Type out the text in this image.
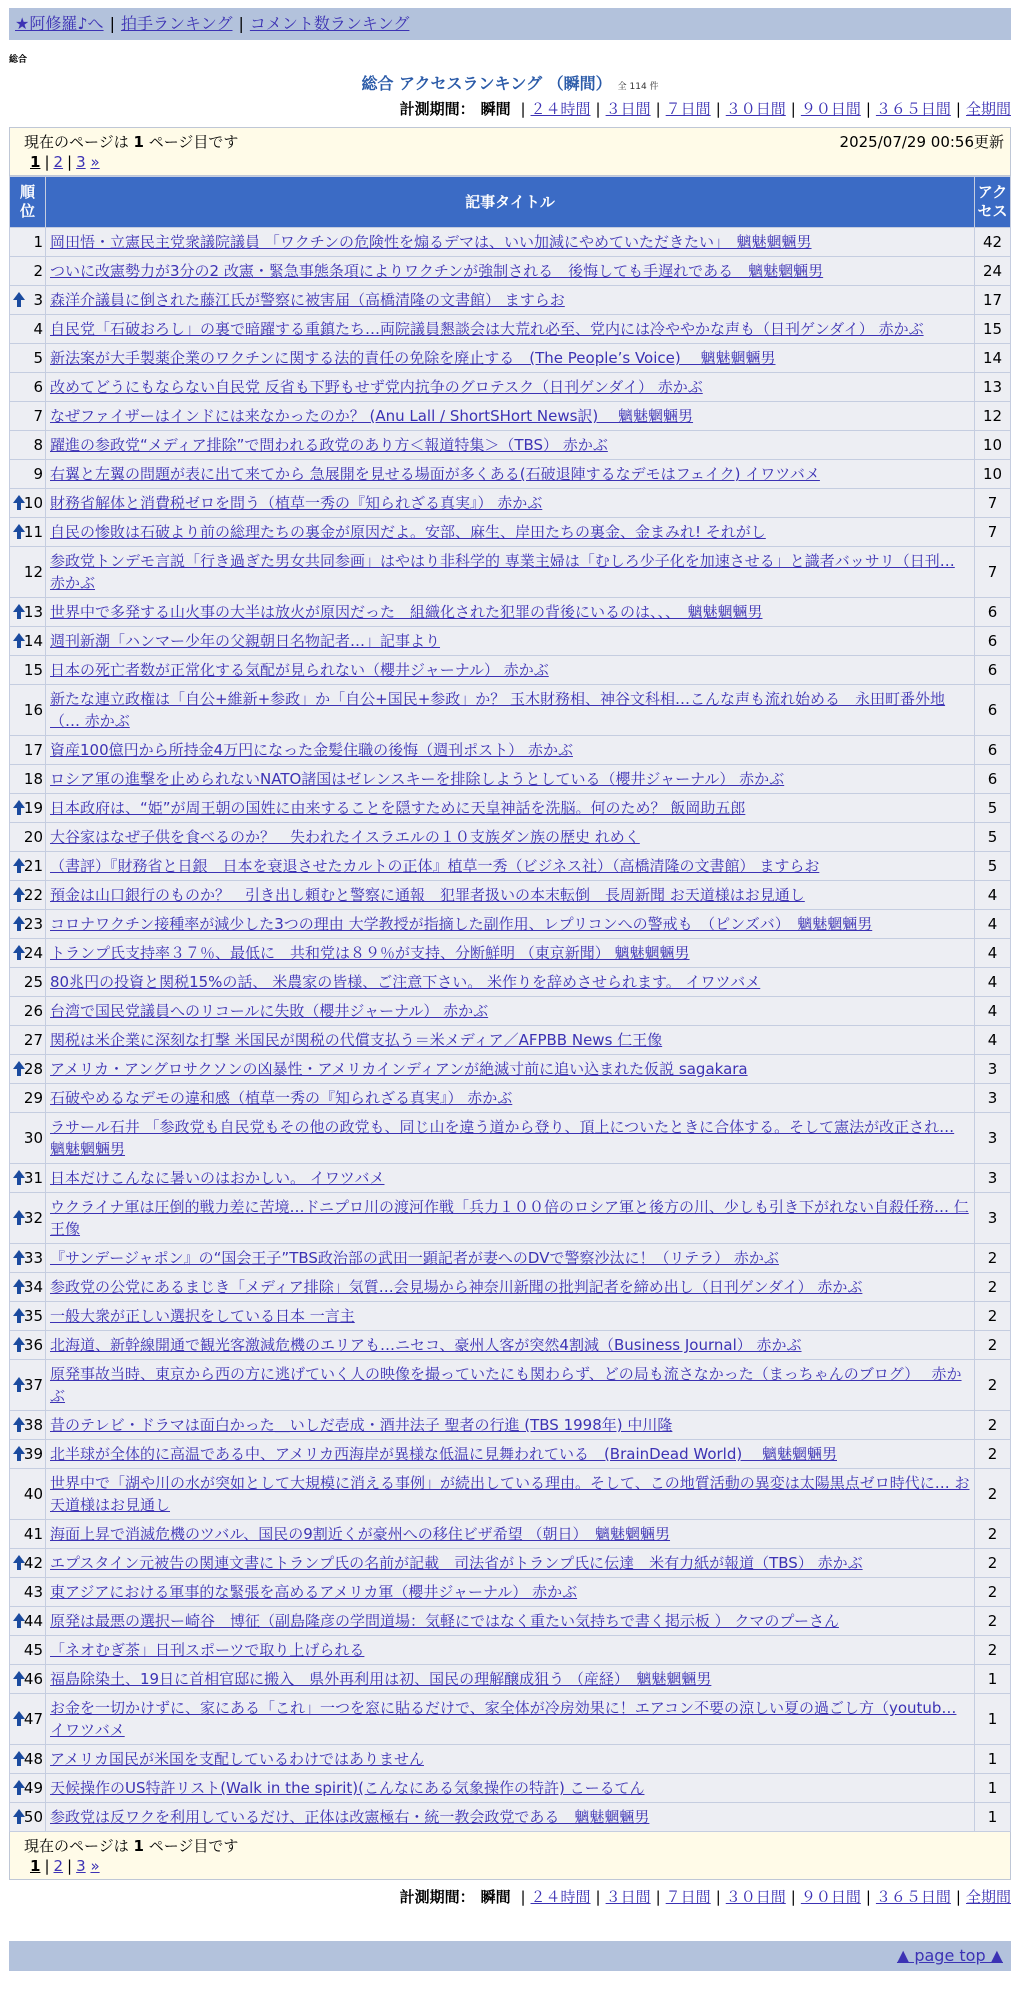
★阿修羅♪へ | 拍手ランキング | コメント数ランキング
総合
総合 アクセスランキング （瞬間） 全 114 件
計測期間： 瞬間 | ２４時間 | ３日間 | ７日間 | ３０日間 | ９０日間 | ３６５日間 | 全期間
現在のページは 1 ページ目です	2025/07/29 00:56更新
1 | 2 | 3 »
順位	記事タイトル	アクセス
1	岡田悟・立憲民主党衆議院議員 「ワクチンの危険性を煽るデマは、いい加減にやめていただきたい」　魑魅魍魎男	42
2	ついに改憲勢力が3分の2 改憲・緊急事態条項によりワクチンが強制される　後悔しても手遅れである　魑魅魍魎男	24

3	森洋介議員に倒された藤江氏が警察に被害届（高橋清隆の文書館） ますらお	17
4	自民党「石破おろし」の裏で暗躍する重鎮たち…両院議員懇談会は大荒れ必至、党内には冷ややかな声も（日刊ゲンダイ） 赤かぶ	15
5	新法案が大手製薬企業のワクチンに関する法的責任の免除を廃止する　(The People’s Voice)　 魑魅魍魎男	14
6	改めてどうにもならない自民党 反省も下野もせず党内抗争のグロテスク（日刊ゲンダイ） 赤かぶ	13
7	なぜファイザーはインドには来なかったのか？ (Anu Lall / ShortSHort News訳)　 魑魅魍魎男	12
8	躍進の参政党“メディア排除”で問われる政党のあり方＜報道特集＞（TBS） 赤かぶ	10
9	右翼と左翼の問題が表に出て来てから 急展開を見せる場面が多くある(石破退陣するなデモはフェイク) イワツバメ	10

10	財務省解体と消費税ゼロを問う（植草一秀の『知られざる真実』） 赤かぶ	7

11	自民の惨敗は石破より前の総理たちの裏金が原因だよ。安部、麻生、岸田たちの裏金、金まみれ! それがし	7
12	参政党トンデモ言説「行き過ぎた男女共同参画」はやはり非科学的 専業主婦は「むしろ少子化を加速させる」と識者バッサリ（日刊… 赤かぶ	7

13	世界中で多発する山火事の大半は放火が原因だった　組織化された犯罪の背後にいるのは、、、　魑魅魍魎男	6

14	週刊新潮「ハンマー少年の父親朝日名物記者…」記事より	6
15	日本の死亡者数が正常化する気配が見られない（櫻井ジャーナル） 赤かぶ	6
16	新たな連立政権は「自公+維新+参政」か「自公+国民+参政」か？ 玉木財務相、神谷文科相…こんな声も流れ始める　永田町番外地（… 赤かぶ	6
17	資産100億円から所持金4万円になった金髪住職の後悔（週刊ポスト） 赤かぶ	6
18	ロシア軍の進撃を止められないNATO諸国はゼレンスキーを排除しようとしている（櫻井ジャーナル） 赤かぶ	6

19	日本政府は、“姫”が周王朝の国姓に由来することを隠すために天皇神話を洗脳。何のため？ 飯岡助五郎	5
20	大谷家はなぜ子供を食べるのか？　失われたイスラエルの１０支族ダン族の歴史 れめく	5

21	（書評）『財務省と日銀　日本を衰退させたカルトの正体』植草一秀（ビジネス社）（高橋清隆の文書館） ますらお	5

22	預金は山口銀行のものか？　引き出し頼むと警察に通報　犯罪者扱いの本末転倒　長周新聞 お天道様はお見通し	4

23	コロナワクチン接種率が減少した3つの理由 大学教授が指摘した副作用、レプリコンへの警戒も　（ピンズバ）　魑魅魍魎男	4

24	トランプ氏支持率３７％、最低に　共和党は８９％が支持、分断鮮明 （東京新聞） 魑魅魍魎男	4
25	80兆円の投資と関税15%の話、 米農家の皆様、ご注意下さい。 米作りを辞めさせられます。 イワツバメ	4
26	台湾で国民党議員へのリコールに失敗（櫻井ジャーナル） 赤かぶ	4
27	関税は米企業に深刻な打撃 米国民が関税の代償支払う＝米メディア／AFPBB News 仁王像	4

28	アメリカ・アングロサクソンの凶暴性・アメリカインディアンが絶滅寸前に追い込まれた仮説 sagakara	3
29	石破やめるなデモの違和感（植草一秀の『知られざる真実』） 赤かぶ	3
30	ラサール石井 「参政党も自民党もその他の政党も、同じ山を違う道から登り、頂上についたときに合体する。そして憲法が改正され… 魑魅魍魎男	3

31	日本だけこんなに暑いのはおかしい。 イワツバメ	3

32	ウクライナ軍は圧倒的戦力差に苦境…ドニプロ川の渡河作戦「兵力１００倍のロシア軍と後方の川、少しも引き下がれない自殺任務… 仁王像	3

33	『サンデージャポン』の“国会王子”TBS政治部の武田一顕記者が妻へのDVで警察沙汰に！（リテラ） 赤かぶ	2

34	参政党の公党にあるまじき「メディア排除」気質…会見場から神奈川新聞の批判記者を締め出し（日刊ゲンダイ） 赤かぶ	2

35	一般大衆が正しい選択をしている日本 一言主	2

36	北海道、新幹線開通で観光客激減危機のエリアも…ニセコ、豪州人客が突然4割減（Business Journal） 赤かぶ	2

37	原発事故当時、東京から西の方に逃げていく人の映像を撮っていたにも関わらず、どの局も流さなかった（まっちゃんのブログ）　 赤かぶ	2

38	昔のテレビ・ドラマは面白かった＿いしだ壱成・酒井法子 聖者の行進 (TBS 1998年) 中川隆	2

39	北半球が全体的に高温である中、アメリカ西海岸が異様な低温に見舞われている　(BrainDead World)　 魑魅魍魎男	2
40	世界中で「湖や川の水が突如として大規模に消える事例」が続出している理由。そして、この地質活動の異変は太陽黒点ゼロ時代に… お天道様はお見通し	2
41	海面上昇で消滅危機のツバル、国民の9割近くが豪州への移住ビザ希望 （朝日）　魑魅魍魎男	2

42	エプスタイン元被告の関連文書にトランプ氏の名前が記載　司法省がトランプ氏に伝達　米有力紙が報道（TBS） 赤かぶ	2
43	東アジアにおける軍事的な緊張を高めるアメリカ軍（櫻井ジャーナル） 赤かぶ	2

44	原発は最悪の選択ー崎谷　博征（副島隆彦の学問道場：気軽にではなく重たい気持ちで書く掲示板 ） クマのプーさん	2
45	「ネオむぎ茶」日刊スポーツで取り上げられる	2

46	福島除染土、19日に首相官邸に搬入　県外再利用は初、国民の理解醸成狙う （産経）　魑魅魍魎男	1

47	お金を一切かけずに、家にある「これ」一つを窓に貼るだけで、家全体が冷房効果に！エアコン不要の涼しい夏の過ごし方（youtub… イワツバメ	1

48	アメリカ国民が米国を支配しているわけではありません	1

49	天候操作のUS特許リスト(Walk in the spirit)(こんなにある気象操作の特許) こーるてん	1

50	参政党は反ワクを利用しているだけ、正体は改憲極右・統一教会政党である　魑魅魍魎男	1
現在のページは 1 ページ目です
1 | 2 | 3 »
計測期間： 瞬間 | ２４時間 | ３日間 | ７日間 | ３０日間 | ９０日間 | ３６５日間 | 全期間
▲ page top ▲
